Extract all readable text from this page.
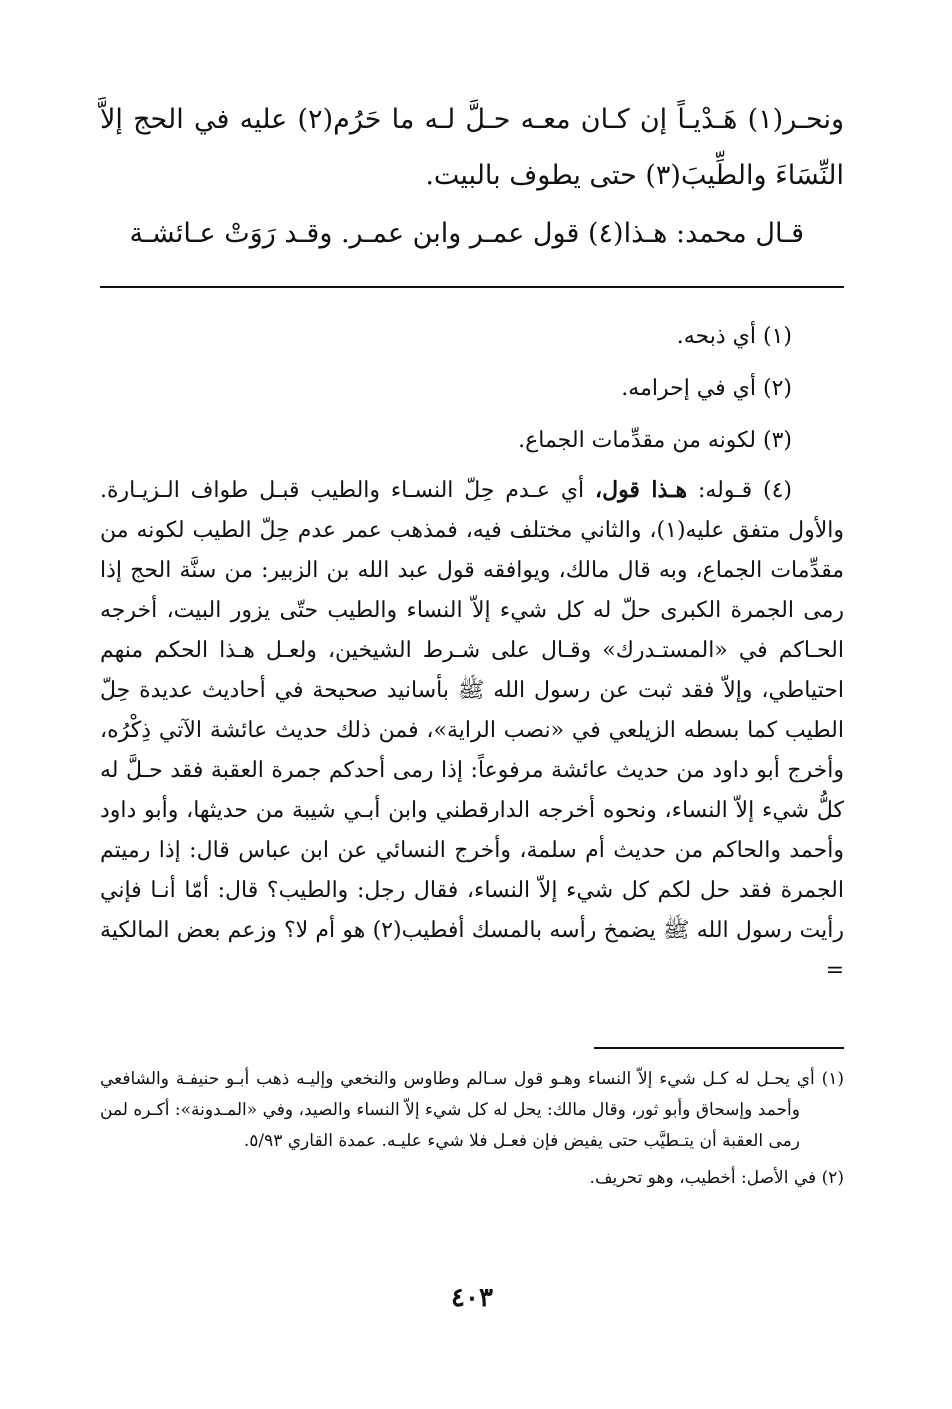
ونحـر(١) هَـدْيـاً إن كـان معـه حـلَّ لـه ما حَرُم(٢) عليه في الحج إلاَّ النِّسَاءَ والطِّيبَ(٣) حتى يطوف بالبيت.

قـال محمد: هـذا(٤) قول عمـر وابن عمـر. وقـد رَوَتْ عـائشـة

(١) أي ذبحه.

(٢) أي في إحرامه.

(٣) لكونه من مقدِّمات الجماع.

(٤) قـوله: هـذا قول، أي عـدم حِلّ النسـاء والطيب قبـل طواف الـزيـارة. والأول متفق عليه(١)، والثاني مختلف فيه، فمذهب عمر عدم حِلّ الطيب لكونه من مقدِّمات الجماع، وبه قال مالك، ويوافقه قول عبد الله بن الزبير: من سنَّة الحج إذا رمى الجمرة الكبرى حلّ له كل شيء إلاّ النساء والطيب حتّى يزور البيت، أخرجه الحـاكم في «المستـدرك» وقـال على شـرط الشيخين، ولعـل هـذا الحكم منهم احتياطي، وإلاّ فقد ثبت عن رسول الله ﷺ بأسانيد صحيحة في أحاديث عديدة حِلّ الطيب كما بسطه الزيلعي في «نصب الراية»، فمن ذلك حديث عائشة الآتي ذِكْرُه، وأخرج أبو داود من حديث عائشة مرفوعاً: إذا رمى أحدكم جمرة العقبة فقد حـلَّ له كلُّ شيء إلاّ النساء، ونحوه أخرجه الدارقطني وابن أبـي شيبة من حديثها، وأبو داود وأحمد والحاكم من حديث أم سلمة، وأخرج النسائي عن ابن عباس قال: إذا رميتم الجمرة فقد حل لكم كل شيء إلاّ النساء، فقال رجل: والطيب؟ قال: أمّا أنـا فإني رأيت رسول الله ﷺ يضمخ رأسه بالمسك أفطيب(٢) هو أم لا؟ وزعم بعض المالكية =

(١) أي يحـل له كـل شيء إلاّ النساء وهـو قول سـالم وطاوس والنخعي وإليـه ذهب أبـو حنيفـة والشافعي وأحمد وإسحاق وأبو ثور، وقال مالك: يحل له كل شيء إلاّ النساء والصيد، وفي «المـدونة»: أكـره لمن رمى العقبة أن يتـطيَّب حتى يفيض فإن فعـل فلا شيء عليـه. عمدة القاري ٥/٩٣.

(٢) في الأصل: أخطيب، وهو تحريف.

٤٠٣
